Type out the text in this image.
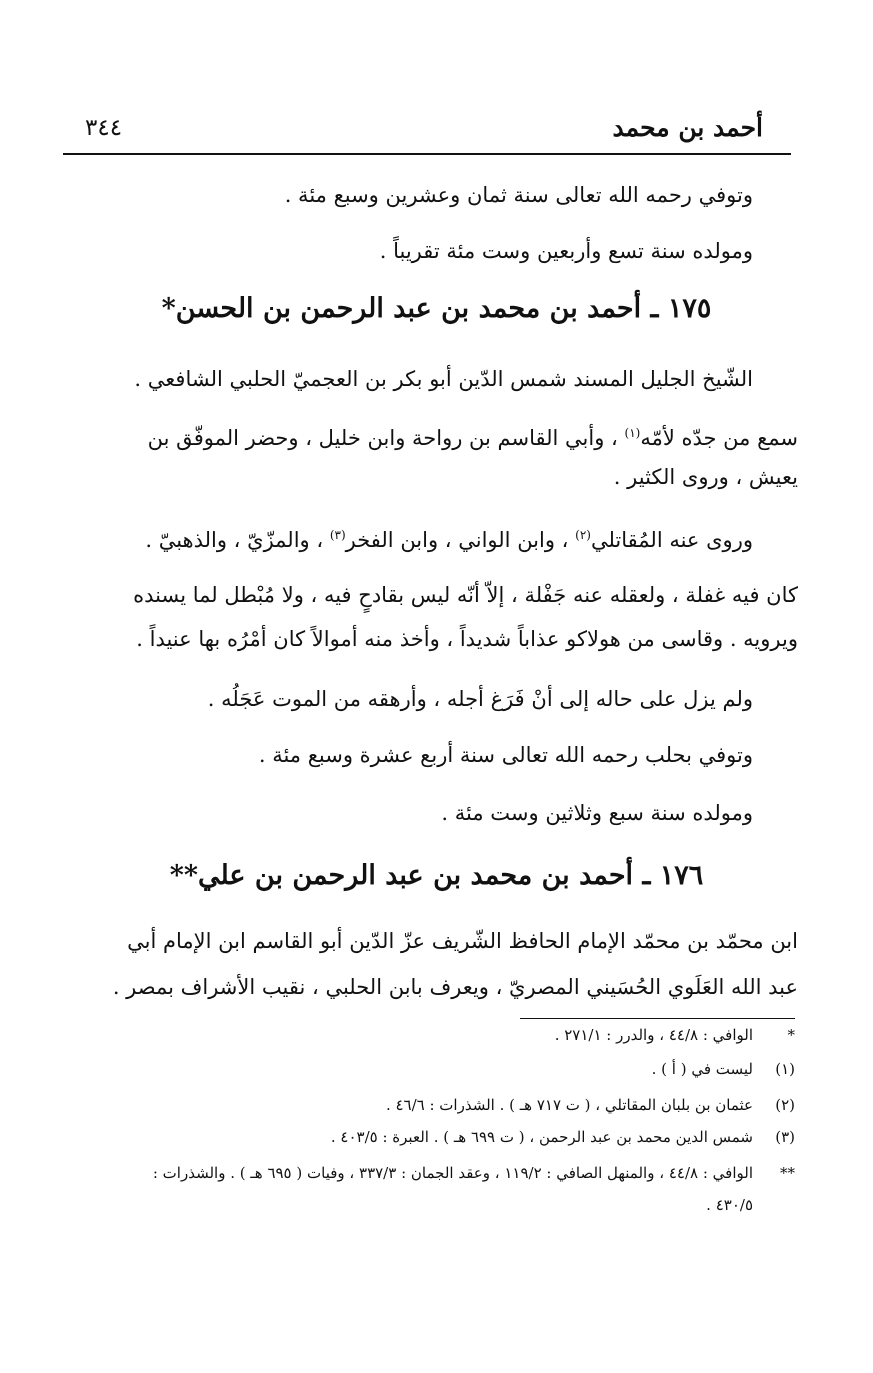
أحمد بن محمد
٣٤٤
وتوفي رحمه الله تعالى سنة ثمان وعشرين وسبع مئة .
ومولده سنة تسع وأربعين وست مئة تقريباً .
١٧٥ ـ أحمد بن محمد بن عبد الرحمن بن الحسن*
الشّيخ الجليل المسند شمس الدّين أبو بكر بن العجميّ الحلبي الشافعي .
سمع من جدّه لأمّه$^{(١)}$ ، وأبي القاسم بن رواحة وابن خليل ، وحضر الموفّق بن
يعيش ، وروى الكثير .
وروى عنه المُقاتلي$^{(٢)}$ ، وابن الواني ، وابن الفخر$^{(٣)}$ ، والمزّيّ ، والذهبيّ .
كان فيه غفلة ، ولعقله عنه جَفْلة ، إلاّ أنّه ليس بقادحٍ فيه ، ولا مُبْطل لما يسنده
ويرويه . وقاسى من هولاكو عذاباً شديداً ، وأخذ منه أموالاً كان أمْرُه بها عنيداً .
ولم يزل على حاله إلى أنْ فَرَغ أجله ، وأرهقه من الموت عَجَلُه .
وتوفي بحلب رحمه الله تعالى سنة أربع عشرة وسبع مئة .
ومولده سنة سبع وثلاثين وست مئة .
١٧٦ ـ أحمد بن محمد بن عبد الرحمن بن علي**
ابن محمّد بن محمّد الإمام الحافظ الشّريف عزّ الدّين أبو القاسم ابن الإمام أبي
عبد الله العَلَوي الحُسَيني المصريّ ، ويعرف بابن الحلبي ، نقيب الأشراف بمصر .
*الوافي : ٤٤/٨ ، والدرر : ٢٧١/١ .
(١)ليست في ( أ ) .
(٢)عثمان بن بلبان المقاتلي ، ( ت ٧١٧ هـ ) . الشذرات : ٤٦/٦ .
(٣)شمس الدين محمد بن عبد الرحمن ، ( ت ٦٩٩ هـ ) . العبرة : ٤٠٣/٥ .
**الوافي : ٤٤/٨ ، والمنهل الصافي : ١١٩/٢ ، وعقد الجمان : ٣٣٧/٣ ، وفيات ( ٦٩٥ هـ ) . والشذرات :
٤٣٠/٥ .
